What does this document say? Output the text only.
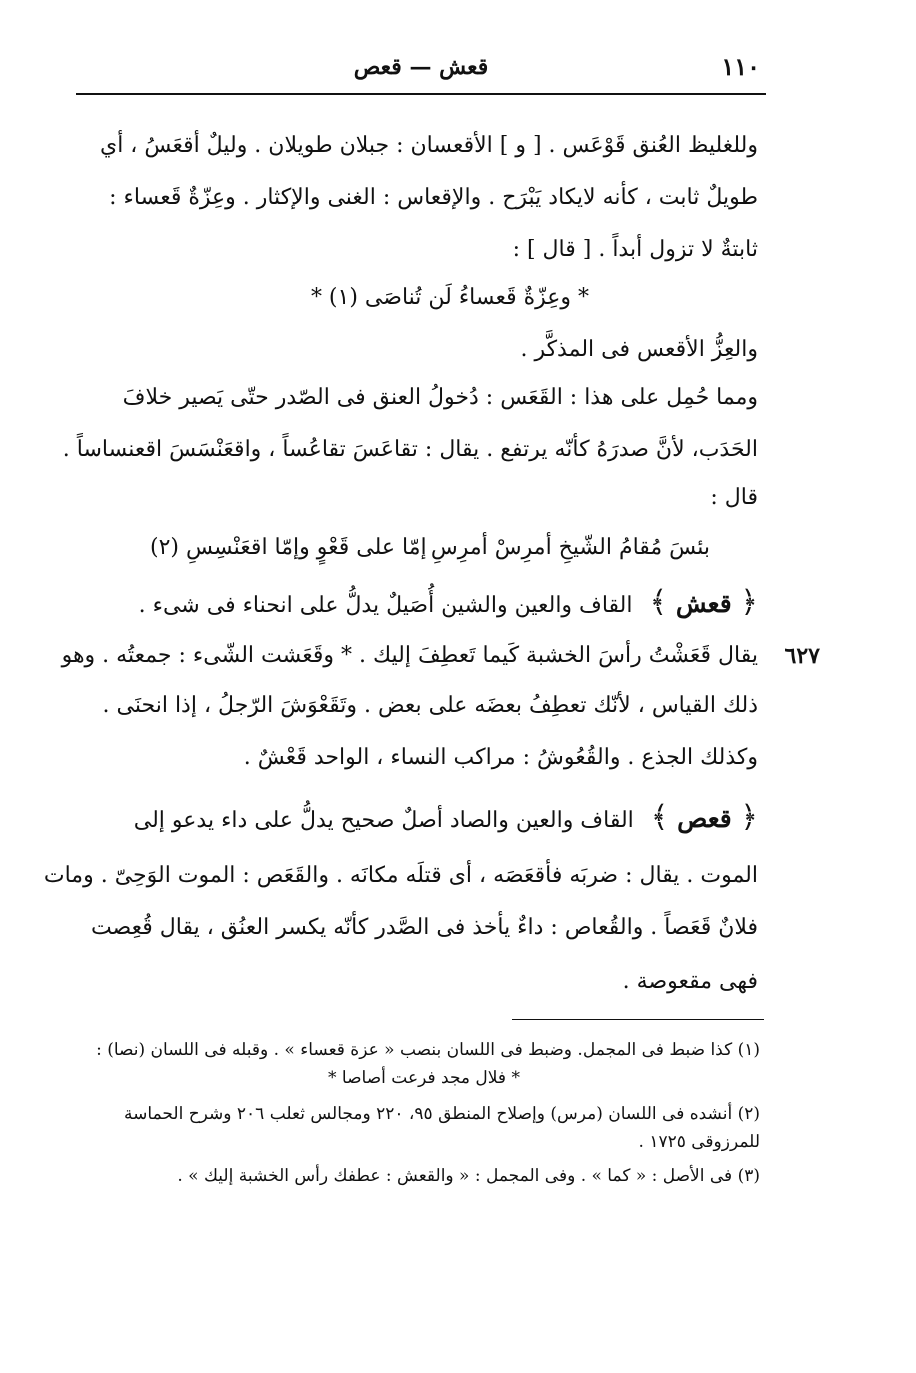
١١٠
قعش — قعص
وللغليظ العُنق قَوْعَس . [ و ] الأقعسان : جبلان طويلان . وليلٌ أقعَسُ ، أي
طويلٌ ثابت ، كأنه لايكاد يَبْرَح . والإقعاس : الغنى والإكثار . وعِزّةٌ قَعساء :
ثابتةٌ لا تزول أبداً . [ قال ] :
* وعِزّةٌ قَعساءُ لَن تُناصَى (١) *
والعِزُّ الأقعس فى المذكَّر .
ومما حُمِل على هذا : القَعَس : دُخولُ العنق فى الصّدر حتّى يَصير خلافَ
الحَدَب، لأنَّ صدرَهُ كأنّه يرتفع . يقال : تقاعَسَ تقاعُساً ، واقعَنْسَسَ اقعنساساً .
قال :
بئسَ مُقامُ الشّيخِ أمرِسْ أمرِسِ
إمّا على قَعْوٍ وإمّا اقعَنْسِسِ (٢)
﴿ قعش ﴾ القاف والعين والشين أُصَيلٌ يدلُّ على انحناء فى شىء .
٦٢٧
يقال قَعَشْتُ رأسَ الخشبة كَيما تَعطِفَ إليك . * وقَعَشت الشّىء : جمعتُه . وهو
ذلك القياس ، لأنّك تعطِفُ بعضَه على بعض . وتَقَعْوَشَ الرّجلُ ، إذا انحنَى .
وكذلك الجذع . والقُعُوشُ : مراكب النساء ، الواحد قَعْشٌ .
﴿ قعص ﴾ القاف والعين والصاد أصلٌ صحيح يدلُّ على داء يدعو إلى
الموت . يقال : ضربَه فأقعَصَه ، أى قتلَه مكانَه . والقَعَص : الموت الوَحِىّ . ومات
فلانٌ قَعَصاً . والقُعاص : داءٌ يأخذ فى الصَّدر كأنّه يكسر العنُق ، يقال قُعِصت
فهى مقعوصة .
(١) كذا ضبط فى المجمل. وضبط فى اللسان بنصب « عزة قعساء » . وقبله فى اللسان (نصا) :
* فلال مجد فرعت أصاصا *
(٢) أنشده فى اللسان (مرس) وإصلاح المنطق ٩٥، ٢٢٠ ومجالس ثعلب ٢٠٦ وشرح الحماسة
للمرزوقى ١٧٢٥ .
(٣) فى الأصل : « كما » . وفى المجمل : « والقعش : عطفك رأس الخشبة إليك » .
